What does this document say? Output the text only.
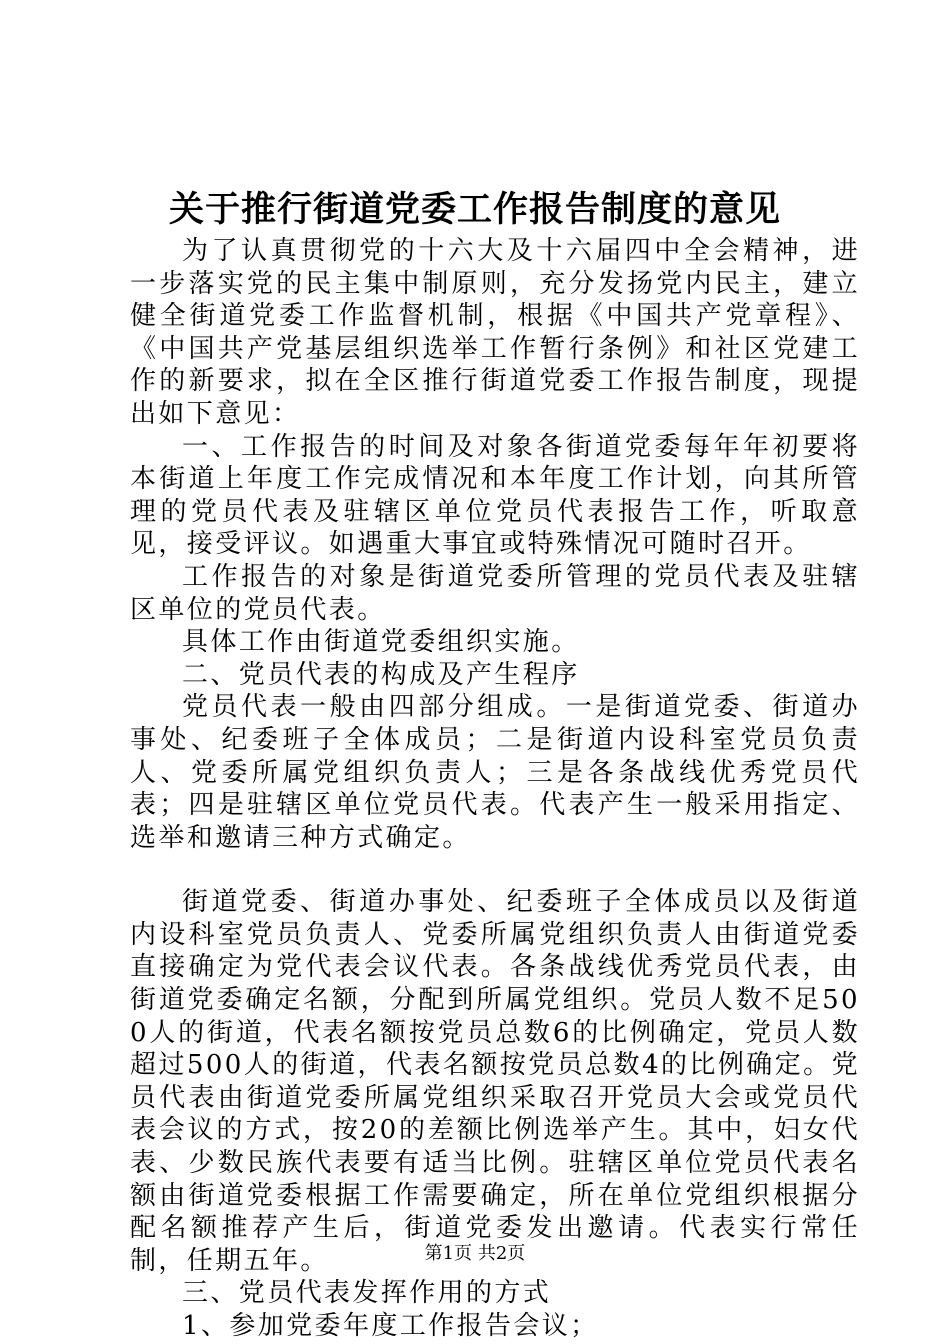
关于推行街道党委工作报告制度的意见

为了认真贯彻党的十六大及十六届四中全会精神，进一步落实党的民主集中制原则，充分发扬党内民主，建立健全街道党委工作监督机制，根据《中国共产党章程》、《中国共产党基层组织选举工作暂行条例》和社区党建工作的新要求，拟在全区推行街道党委工作报告制度，现提出如下意见：

一、工作报告的时间及对象各街道党委每年年初要将本街道上年度工作完成情况和本年度工作计划，向其所管理的党员代表及驻辖区单位党员代表报告工作，听取意见，接受评议。如遇重大事宜或特殊情况可随时召开。

工作报告的对象是街道党委所管理的党员代表及驻辖区单位的党员代表。

具体工作由街道党委组织实施。

二、党员代表的构成及产生程序

党员代表一般由四部分组成。一是街道党委、街道办事处、纪委班子全体成员；二是街道内设科室党员负责人、党委所属党组织负责人；三是各条战线优秀党员代表；四是驻辖区单位党员代表。代表产生一般采用指定、选举和邀请三种方式确定。

街道党委、街道办事处、纪委班子全体成员以及街道内设科室党员负责人、党委所属党组织负责人由街道党委直接确定为党代表会议代表。各条战线优秀党员代表，由街道党委确定名额，分配到所属党组织。党员人数不足500人的街道，代表名额按党员总数6的比例确定，党员人数超过500人的街道，代表名额按党员总数4的比例确定。党员代表由街道党委所属党组织采取召开党员大会或党员代表会议的方式，按20的差额比例选举产生。其中，妇女代表、少数民族代表要有适当比例。驻辖区单位党员代表名额由街道党委根据工作需要确定，所在单位党组织根据分配名额推荐产生后，街道党委发出邀请。代表实行常任制，任期五年。

三、党员代表发挥作用的方式

1、参加党委年度工作报告会议；

第1页 共2页
